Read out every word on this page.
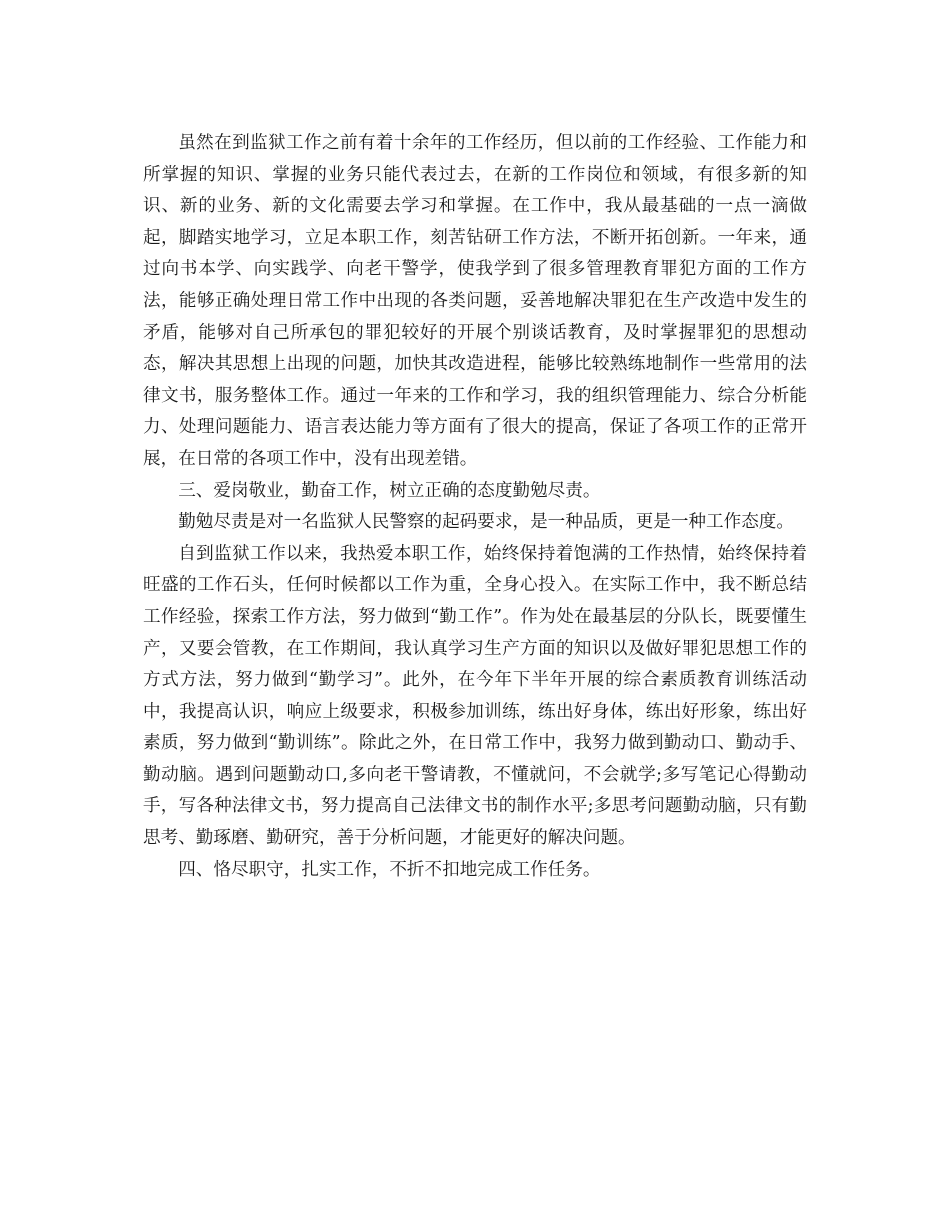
虽然在到监狱工作之前有着十余年的工作经历，但以前的工作经验、工作能力和所掌握的知识、掌握的业务只能代表过去，在新的工作岗位和领域，有很多新的知识、新的业务、新的文化需要去学习和掌握。在工作中，我从最基础的一点一滴做起，脚踏实地学习，立足本职工作，刻苦钻研工作方法，不断开拓创新。一年来，通过向书本学、向实践学、向老干警学，使我学到了很多管理教育罪犯方面的工作方法，能够正确处理日常工作中出现的各类问题，妥善地解决罪犯在生产改造中发生的矛盾，能够对自己所承包的罪犯较好的开展个别谈话教育，及时掌握罪犯的思想动态，解决其思想上出现的问题，加快其改造进程，能够比较熟练地制作一些常用的法律文书，服务整体工作。通过一年来的工作和学习，我的组织管理能力、综合分析能力、处理问题能力、语言表达能力等方面有了很大的提高，保证了各项工作的正常开展，在日常的各项工作中，没有出现差错。

三、爱岗敬业，勤奋工作，树立正确的态度勤勉尽责。

勤勉尽责是对一名监狱人民警察的起码要求，是一种品质，更是一种工作态度。

自到监狱工作以来，我热爱本职工作，始终保持着饱满的工作热情，始终保持着旺盛的工作石头，任何时候都以工作为重，全身心投入。在实际工作中，我不断总结工作经验，探索工作方法，努力做到“勤工作”。作为处在最基层的分队长，既要懂生产，又要会管教，在工作期间，我认真学习生产方面的知识以及做好罪犯思想工作的方式方法，努力做到“勤学习”。此外，在今年下半年开展的综合素质教育训练活动中，我提高认识，响应上级要求，积极参加训练，练出好身体，练出好形象，练出好素质，努力做到“勤训练”。除此之外，在日常工作中，我努力做到勤动口、勤动手、勤动脑。遇到问题勤动口,多向老干警请教，不懂就问，不会就学;多写笔记心得勤动手，写各种法律文书，努力提高自己法律文书的制作水平;多思考问题勤动脑，只有勤思考、勤琢磨、勤研究，善于分析问题，才能更好的解决问题。

四、恪尽职守，扎实工作，不折不扣地完成工作任务。
